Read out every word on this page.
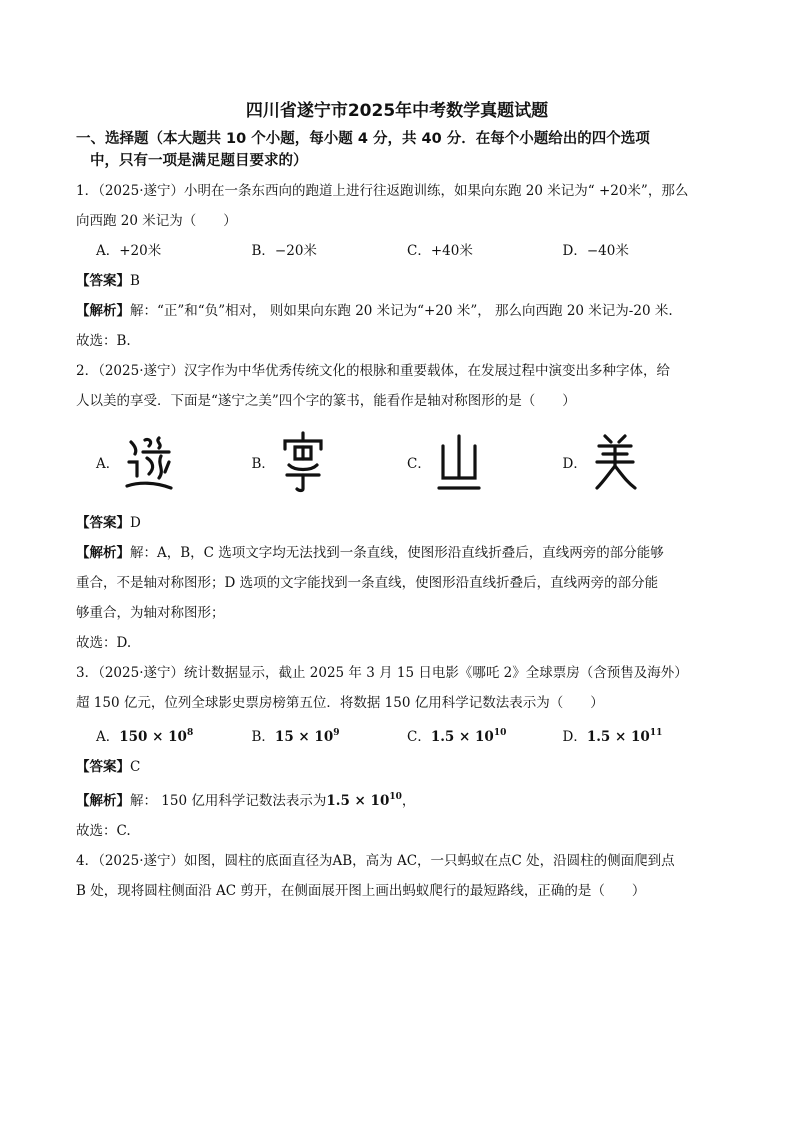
四川省遂宁市2025年中考数学真题试题
一、选择题（本大题共 10 个小题，每小题 4 分，共 40 分．在每个小题给出的四个选项
中，只有一项是满足题目要求的）

1．（2025·遂宁）小明在一条东西向的跑道上进行往返跑训练，如果向东跑 20 米记为“ +20米”，那么

向西跑 20 米记为（　　）

A．+20米	B．−20米	C．+40米	D．−40米

【答案】B

【解析】解：“正”和“负”相对， 则如果向东跑 20 米记为“+20 米”， 那么向西跑 20 米记为-20 米.

故选：B.

2．（2025·遂宁）汉字作为中华优秀传统文化的根脉和重要载体，在发展过程中演变出多种字体，给

人以美的享受．下面是“遂宁之美”四个字的篆书，能看作是轴对称图形的是（　　）

A．	B．	C．	D．

【答案】D

【解析】解：A，B，C 选项文字均无法找到一条直线，使图形沿直线折叠后，直线两旁的部分能够

重合，不是轴对称图形；D 选项的文字能找到一条直线，使图形沿直线折叠后，直线两旁的部分能

够重合，为轴对称图形；

故选：D.

3．（2025·遂宁）统计数据显示，截止 2025 年 3 月 15 日电影《哪吒 2》全球票房（含预售及海外）

超 150 亿元，位列全球影史票房榜第五位．将数据 150 亿用科学记数法表示为（　　）

A．$150 \times 10^8$	B．$15 \times 10^9$	C．$1.5 \times 10^{10}$	D．$1.5 \times 10^{11}$

【答案】C

【解析】解： 150 亿用科学记数法表示为$1.5 \times 10^{10}$，

故选：C.

4．（2025·遂宁）如图，圆柱的底面直径为AB，高为 AC，一只蚂蚁在点C 处，沿圆柱的侧面爬到点

B 处，现将圆柱侧面沿 AC 剪开，在侧面展开图上画出蚂蚁爬行的最短路线，正确的是（　　）
